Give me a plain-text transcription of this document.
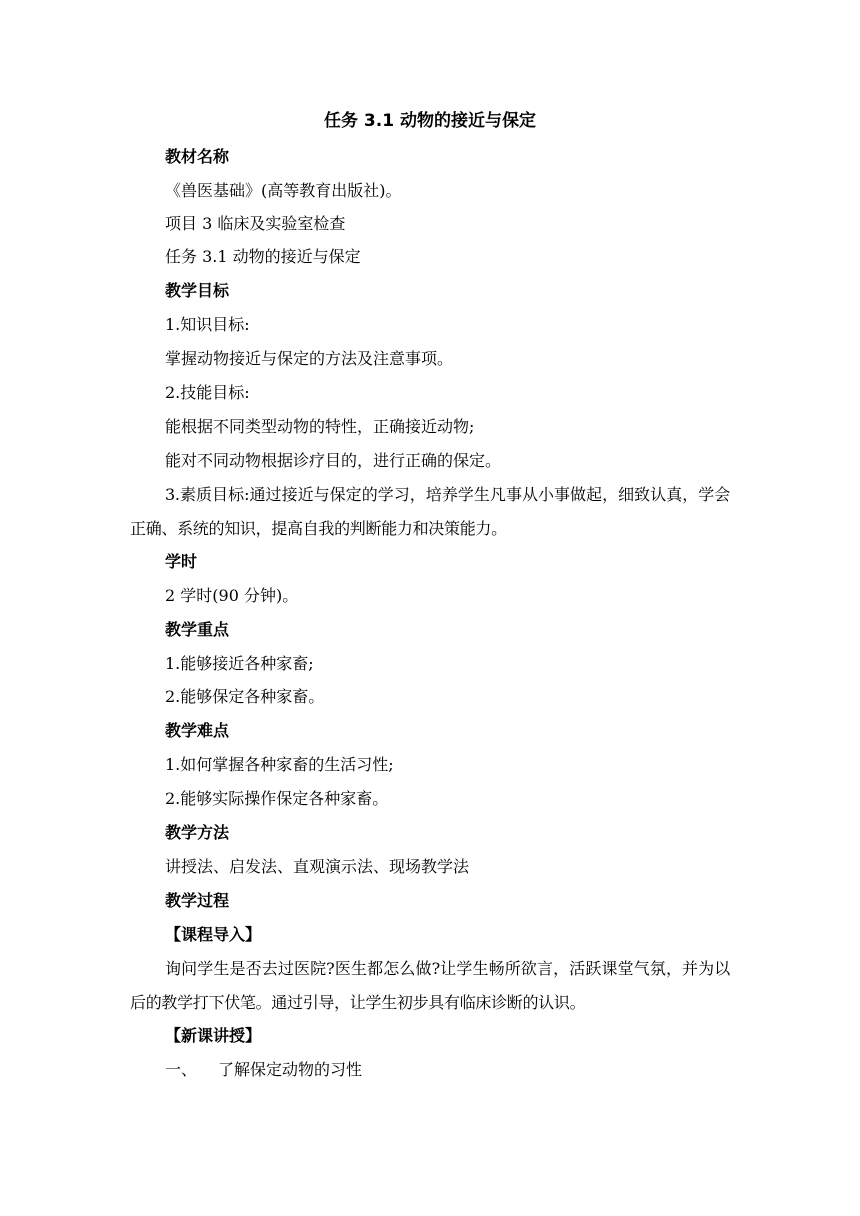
任务 3.1 动物的接近与保定

教材名称

《兽医基础》(高等教育出版社)。

项目 3 临床及实验室检查

任务 3.1 动物的接近与保定

教学目标

1.知识目标:

掌握动物接近与保定的方法及注意事项。

2.技能目标:

能根据不同类型动物的特性，正确接近动物;

能对不同动物根据诊疗目的，进行正确的保定。

3.素质目标:通过接近与保定的学习，培养学生凡事从小事做起，细致认真，学会正确、系统的知识，提高自我的判断能力和决策能力。

学时

2 学时(90 分钟)。

教学重点

1.能够接近各种家畜;

2.能够保定各种家畜。

教学难点

1.如何掌握各种家畜的生活习性;

2.能够实际操作保定各种家畜。

教学方法

讲授法、启发法、直观演示法、现场教学法

教学过程

【课程导入】

询问学生是否去过医院?医生都怎么做?让学生畅所欲言，活跃课堂气氛，并为以后的教学打下伏笔。通过引导，让学生初步具有临床诊断的认识。

【新课讲授】

一、 了解保定动物的习性
